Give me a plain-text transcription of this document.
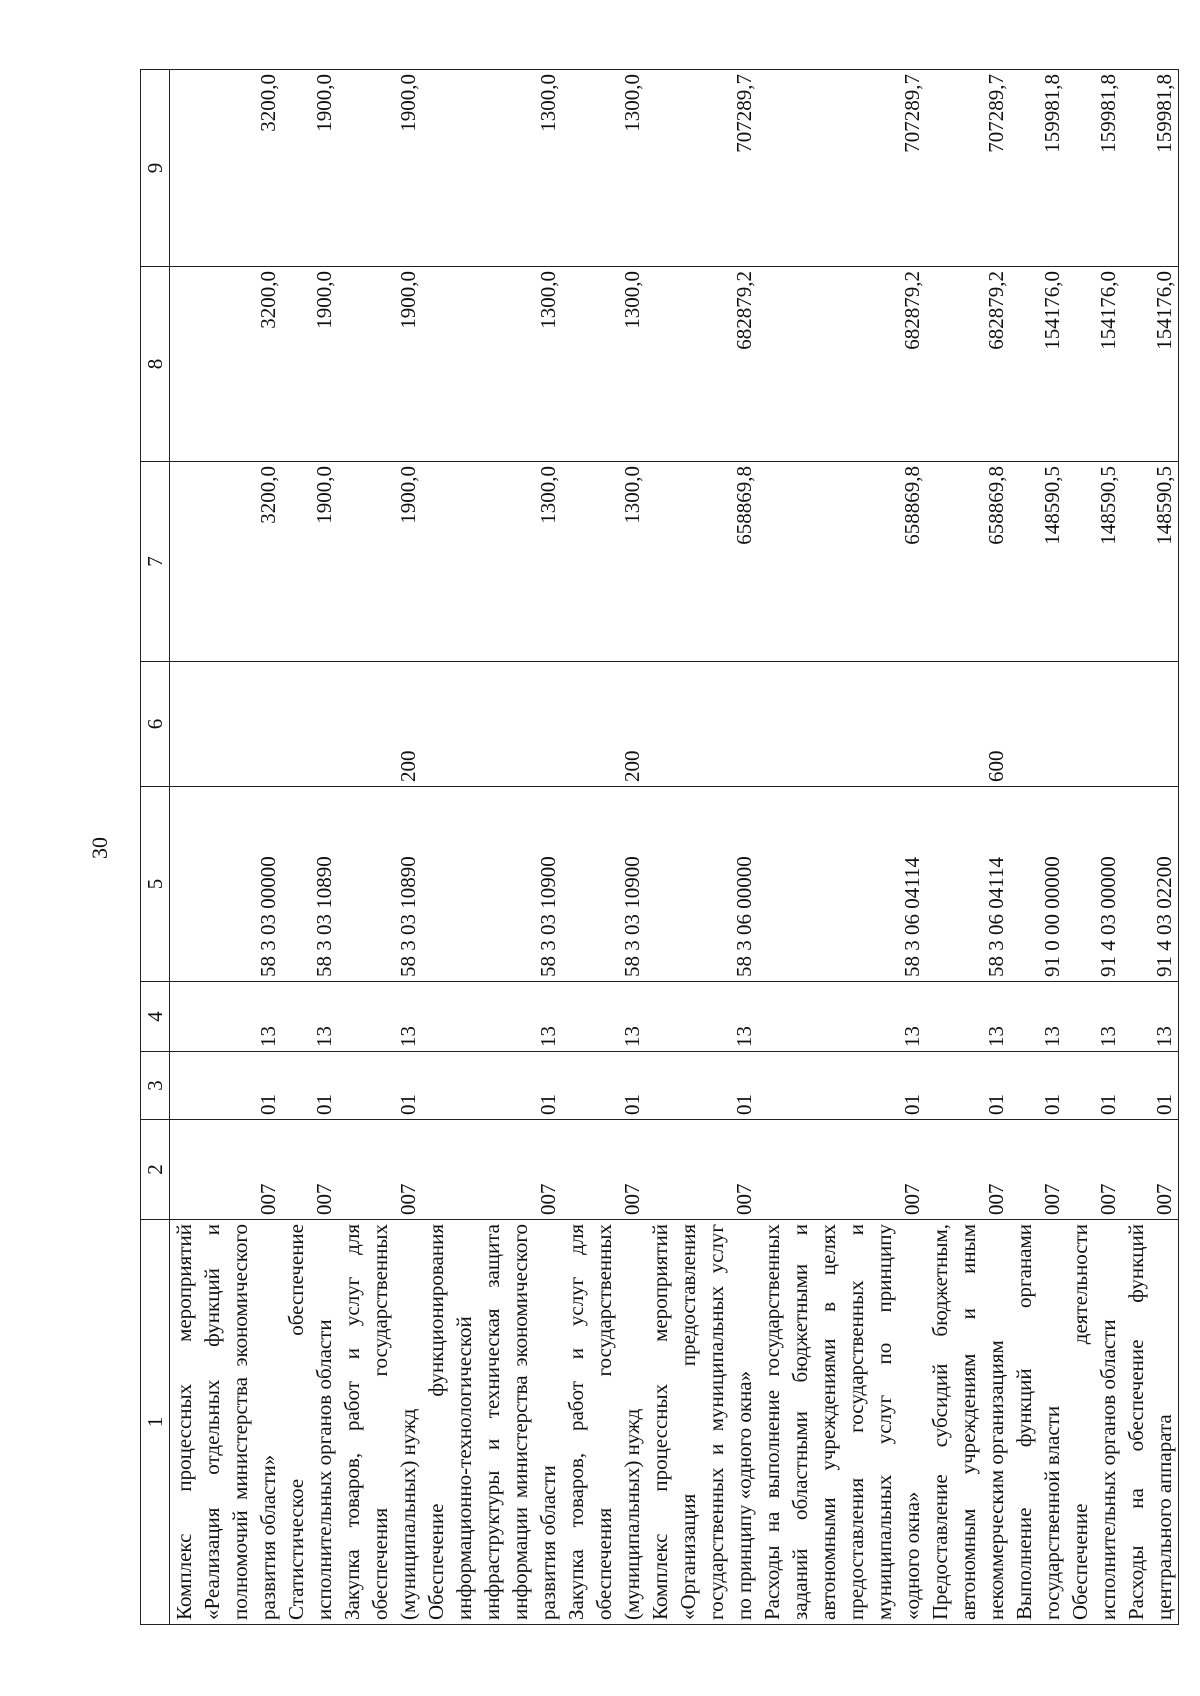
30
1	2	3	4	5	6	7	8	9
Комплекс процессных мероприятий «Реализация отдельных функций и полномочий министерства экономического развития области»	007	01	13	58 3 03 00000		3200,0	3200,0	3200,0
Статистическое обеспечение исполнительных органов области	007	01	13	58 3 03 10890		1900,0	1900,0	1900,0
Закупка товаров, работ и услуг для обеспечения государственных (муниципальных) нужд	007	01	13	58 3 03 10890	200	1900,0	1900,0	1900,0
Обеспечение функционирования информационно-технологической инфраструктуры и техническая защита информации министерства экономического развития области	007	01	13	58 3 03 10900		1300,0	1300,0	1300,0
Закупка товаров, работ и услуг для обеспечения государственных (муниципальных) нужд	007	01	13	58 3 03 10900	200	1300,0	1300,0	1300,0
Комплекс процессных мероприятий «Организация предоставления государственных и муниципальных услуг по принципу «одного окна»	007	01	13	58 3 06 00000		658869,8	682879,2	707289,7
Расходы на выполнение государственных заданий областными бюджетными и автономными учреждениями в целях предоставления государственных и муниципальных услуг по принципу «одного окна»	007	01	13	58 3 06 04114		658869,8	682879,2	707289,7
Предоставление субсидий бюджетным, автономным учреждениям и иным некоммерческим организациям	007	01	13	58 3 06 04114	600	658869,8	682879,2	707289,7
Выполнение функций органами государственной власти	007	01	13	91 0 00 00000		148590,5	154176,0	159981,8
Обеспечение деятельности исполнительных органов области	007	01	13	91 4 03 00000		148590,5	154176,0	159981,8
Расходы на обеспечение функций центрального аппарата	007	01	13	91 4 03 02200		148590,5	154176,0	159981,8
